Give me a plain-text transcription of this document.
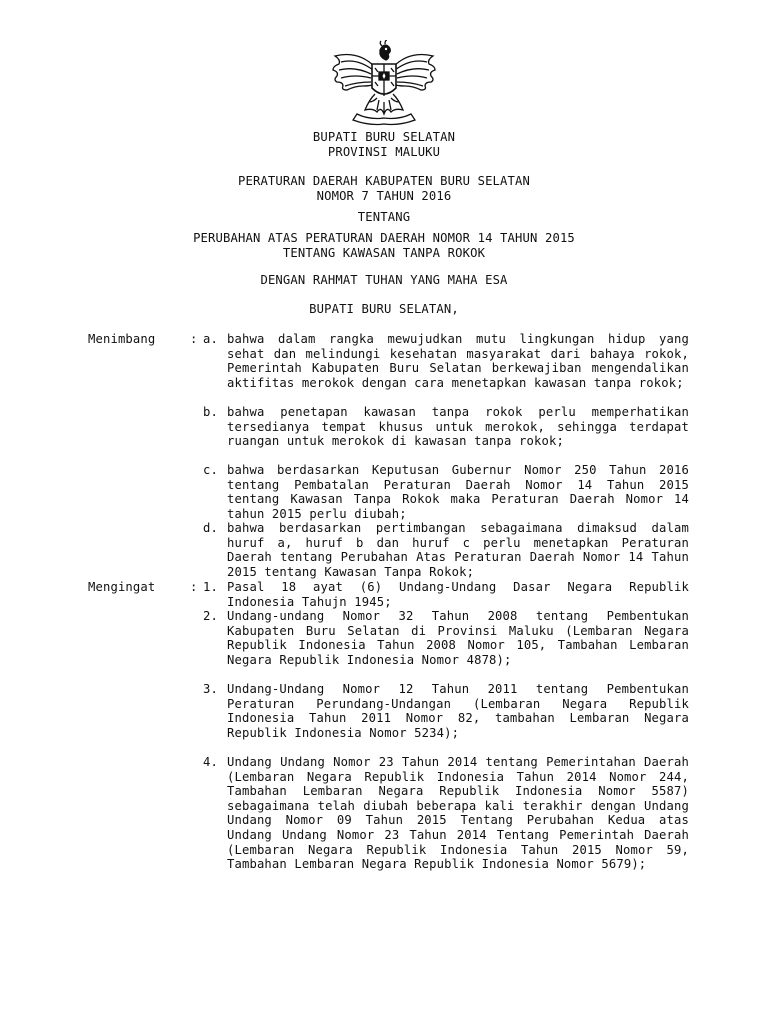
BUPATI BURU SELATAN
PROVINSI MALUKU
PERATURAN DAERAH KABUPATEN BURU SELATAN
NOMOR 7 TAHUN 2016
TENTANG
PERUBAHAN ATAS PERATURAN DAERAH NOMOR 14 TAHUN 2015
TENTANG KAWASAN TANPA ROKOK
DENGAN RAHMAT TUHAN YANG MAHA ESA
BUPATI BURU SELATAN,
Menimbang	: a. bahwa dalam rangka mewujudkan mutu lingkungan hidup yang sehat dan melindungi kesehatan masyarakat dari bahaya rokok, Pemerintah Kabupaten Buru Selatan berkewajiban mengendalikan aktifitas merokok dengan cara menetapkan kawasan tanpa rokok;
b. bahwa penetapan kawasan tanpa rokok perlu memperhatikan tersedianya tempat khusus untuk merokok, sehingga terdapat ruangan untuk merokok di kawasan tanpa rokok;
c. bahwa berdasarkan Keputusan Gubernur Nomor 250 Tahun 2016 tentang Pembatalan Peraturan Daerah Nomor 14 Tahun 2015 tentang Kawasan Tanpa Rokok maka Peraturan Daerah Nomor 14 tahun 2015 perlu diubah;
d. bahwa berdasarkan pertimbangan sebagaimana dimaksud dalam huruf a, huruf b dan huruf c perlu menetapkan Peraturan Daerah tentang Perubahan Atas Peraturan Daerah Nomor 14 Tahun 2015 tentang Kawasan Tanpa Rokok;
Mengingat	: 1. Pasal 18 ayat (6) Undang-Undang Dasar Negara Republik Indonesia Tahujn 1945;
2. Undang-undang Nomor 32 Tahun 2008 tentang Pembentukan Kabupaten Buru Selatan di Provinsi Maluku (Lembaran Negara Republik Indonesia Tahun 2008 Nomor 105, Tambahan Lembaran Negara Republik Indonesia Nomor 4878);
3. Undang-Undang Nomor 12 Tahun 2011 tentang Pembentukan Peraturan Perundang-Undangan (Lembaran Negara Republik Indonesia Tahun 2011 Nomor 82, tambahan Lembaran Negara Republik Indonesia Nomor 5234);
4. Undang Undang Nomor 23 Tahun 2014 tentang Pemerintahan Daerah (Lembaran Negara Republik Indonesia Tahun 2014 Nomor 244, Tambahan Lembaran Negara Republik Indonesia Nomor 5587) sebagaimana telah diubah beberapa kali terakhir dengan Undang Undang Nomor 09 Tahun 2015 Tentang Perubahan Kedua atas Undang Undang Nomor 23 Tahun 2014 Tentang Pemerintah Daerah (Lembaran Negara Republik Indonesia Tahun 2015 Nomor 59, Tambahan Lembaran Negara Republik Indonesia Nomor 5679);
